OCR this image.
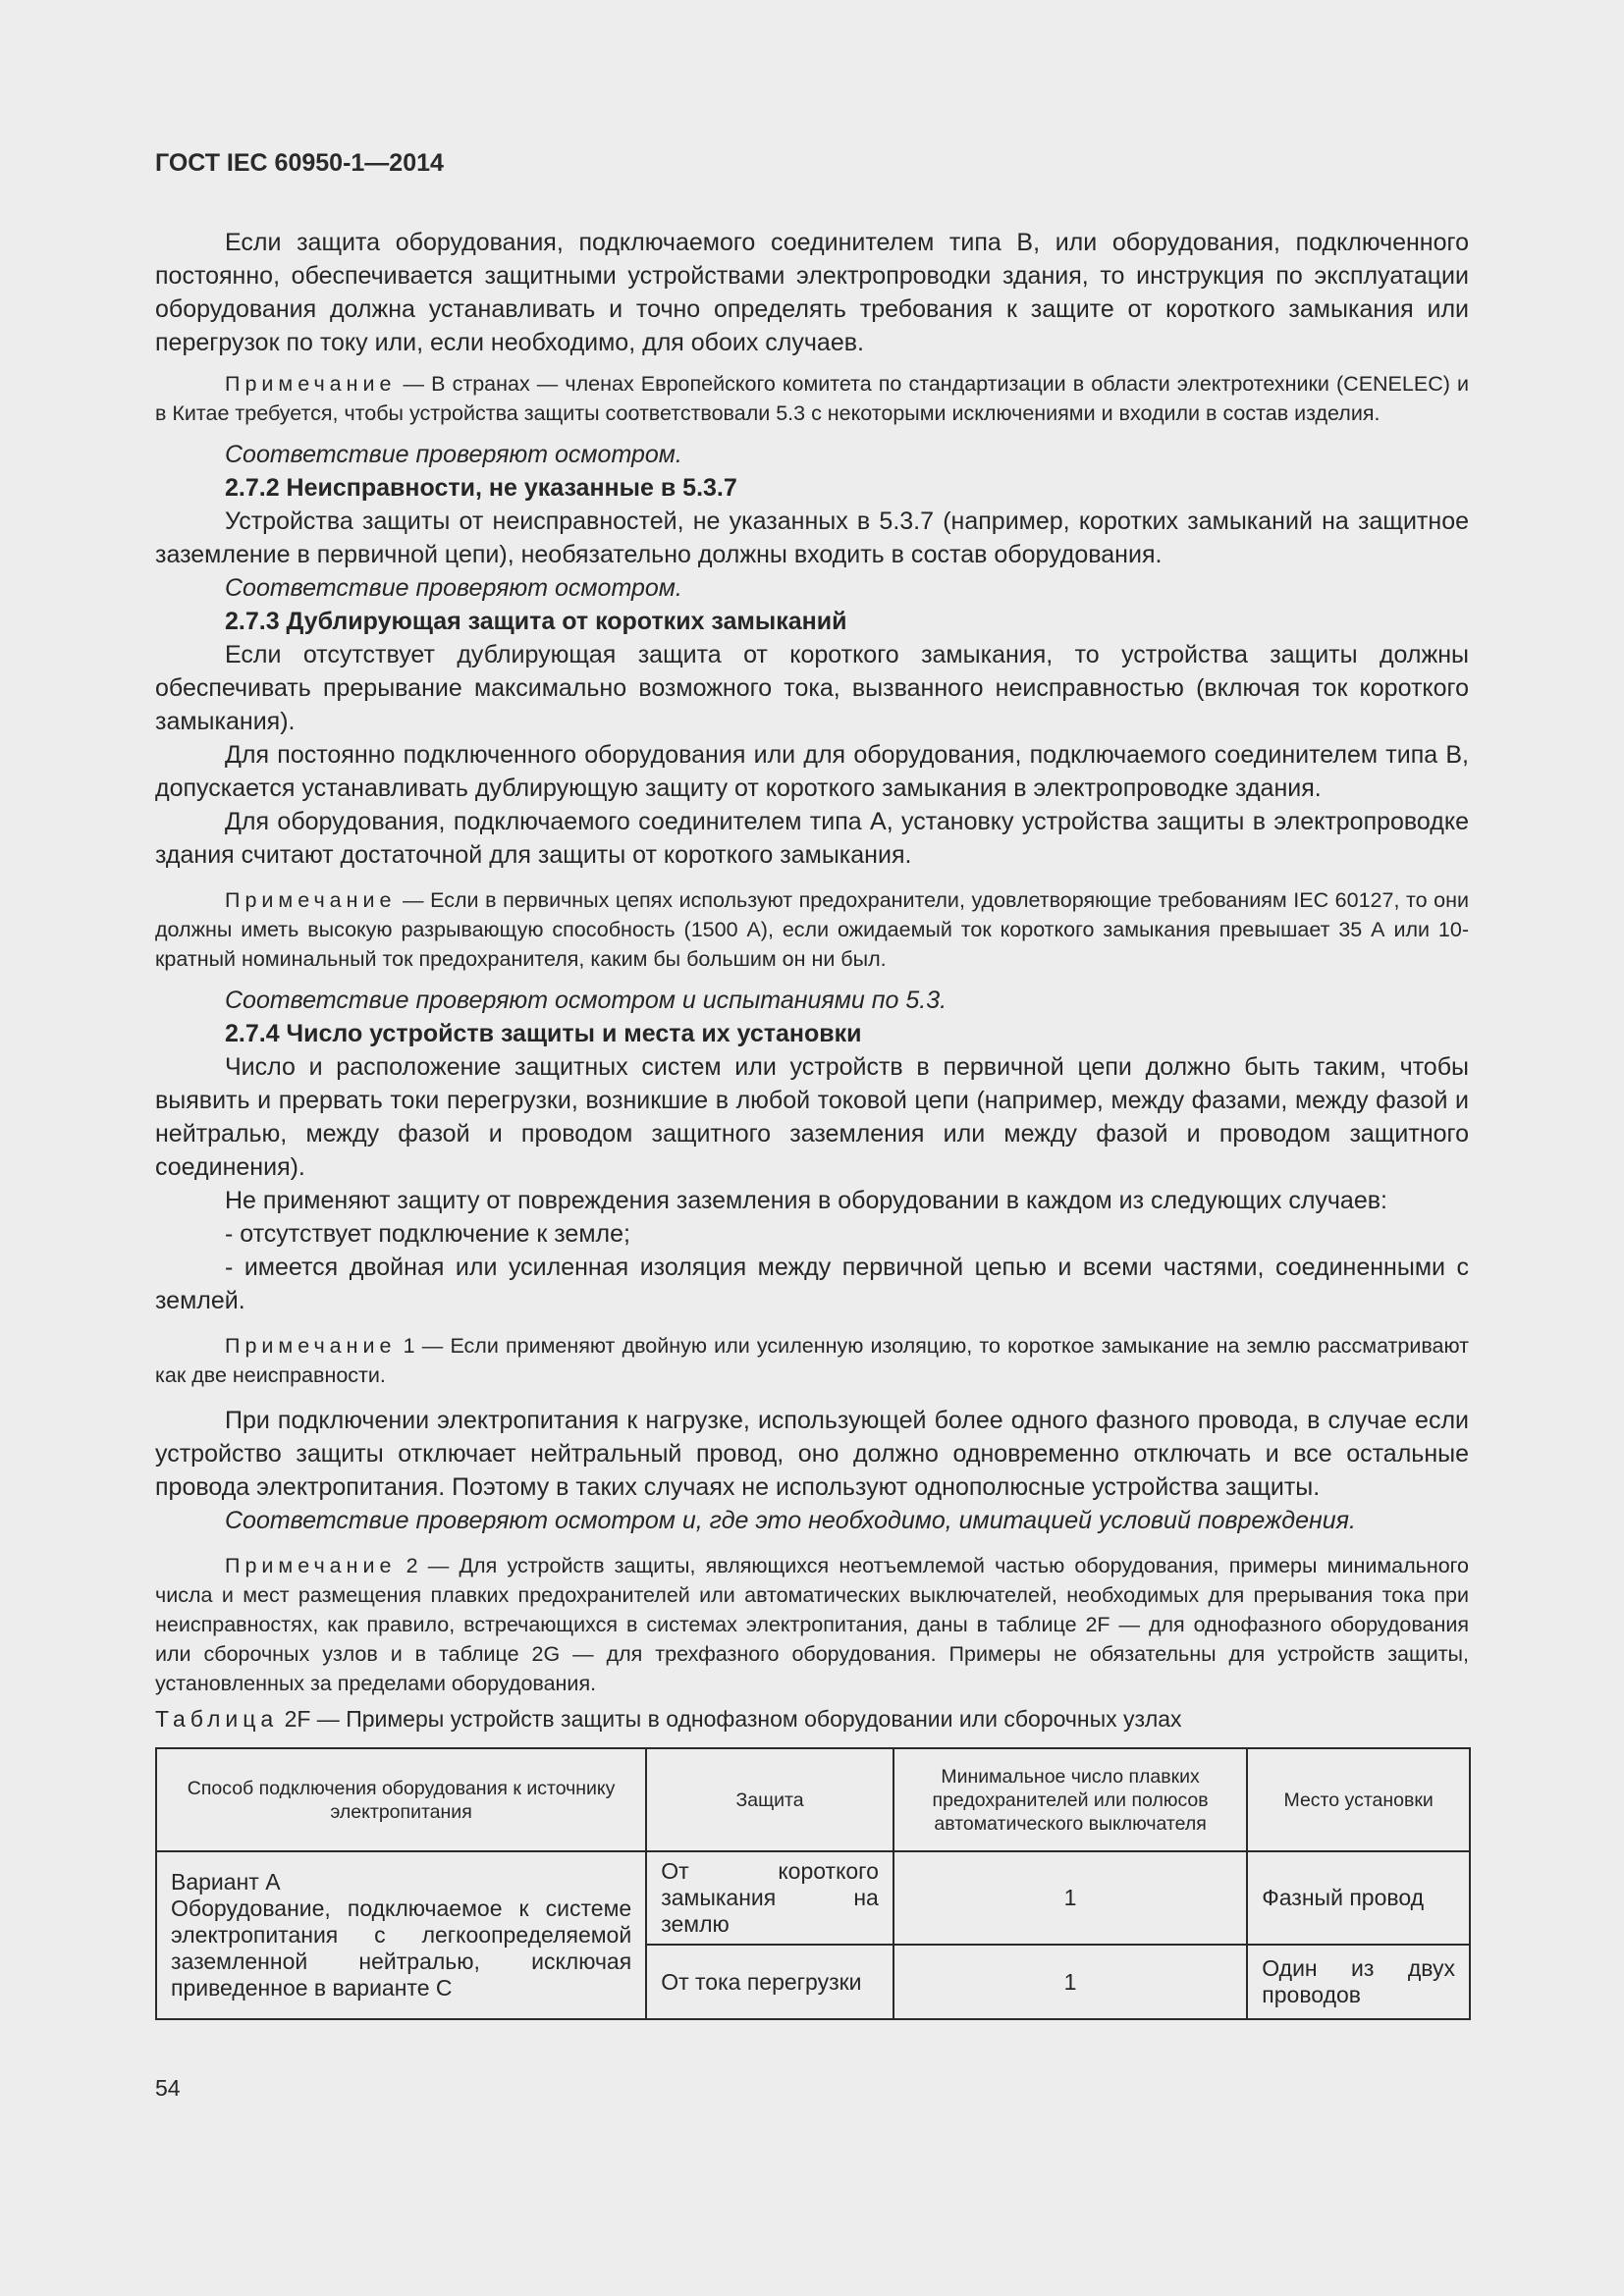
ГОСТ IEC 60950-1—2014

Если защита оборудования, подключаемого соединителем типа B, или оборудования, подключенного постоянно, обеспечивается защитными устройствами электропроводки здания, то инструкция по эксплуатации оборудования должна устанавливать и точно определять требования к защите от короткого замыкания или перегрузок по току или, если необходимо, для обоих случаев.

Примечание — В странах — членах Европейского комитета по стандартизации в области электротехники (CENELEC) и в Китае требуется, чтобы устройства защиты соответствовали 5.3 с некоторыми исключениями и входили в состав изделия.

Соответствие проверяют осмотром.

2.7.2 Неисправности, не указанные в 5.3.7

Устройства защиты от неисправностей, не указанных в 5.3.7 (например, коротких замыканий на защитное заземление в первичной цепи), необязательно должны входить в состав оборудования.

Соответствие проверяют осмотром.

2.7.3 Дублирующая защита от коротких замыканий

Если отсутствует дублирующая защита от короткого замыкания, то устройства защиты должны обеспечивать прерывание максимально возможного тока, вызванного неисправностью (включая ток короткого замыкания).

Для постоянно подключенного оборудования или для оборудования, подключаемого соединителем типа B, допускается устанавливать дублирующую защиту от короткого замыкания в электропроводке здания.

Для оборудования, подключаемого соединителем типа A, установку устройства защиты в электропроводке здания считают достаточной для защиты от короткого замыкания.

Примечание — Если в первичных цепях используют предохранители, удовлетворяющие требованиям IEC 60127, то они должны иметь высокую разрывающую способность (1500 А), если ожидаемый ток короткого замыкания превышает 35 А или 10-кратный номинальный ток предохранителя, каким бы большим он ни был.

Соответствие проверяют осмотром и испытаниями по 5.3.

2.7.4 Число устройств защиты и места их установки

Число и расположение защитных систем или устройств в первичной цепи должно быть таким, чтобы выявить и прервать токи перегрузки, возникшие в любой токовой цепи (например, между фазами, между фазой и нейтралью, между фазой и проводом защитного заземления или между фазой и проводом защитного соединения).

Не применяют защиту от повреждения заземления в оборудовании в каждом из следующих случаев:

- отсутствует подключение к земле;

- имеется двойная или усиленная изоляция между первичной цепью и всеми частями, соединенными с землей.

Примечание 1 — Если применяют двойную или усиленную изоляцию, то короткое замыкание на землю рассматривают как две неисправности.

При подключении электропитания к нагрузке, использующей более одного фазного провода, в случае если устройство защиты отключает нейтральный провод, оно должно одновременно отключать и все остальные провода электропитания. Поэтому в таких случаях не используют однополюсные устройства защиты.

Соответствие проверяют осмотром и, где это необходимо, имитацией условий повреждения.

Примечание 2 — Для устройств защиты, являющихся неотъемлемой частью оборудования, примеры минимального числа и мест размещения плавких предохранителей или автоматических выключателей, необходимых для прерывания тока при неисправностях, как правило, встречающихся в системах электропитания, даны в таблице 2F — для однофазного оборудования или сборочных узлов и в таблице 2G — для трехфазного оборудования. Примеры не обязательны для устройств защиты, установленных за пределами оборудования.

Таблица 2F — Примеры устройств защиты в однофазном оборудовании или сборочных узлах

Способ подключения оборудования к источнику электропитания	Защита	Минимальное число плавких предохранителей или полюсов автоматического выключателя	Место установки

Вариант А
Оборудование, подключаемое к системе электропитания с легкоопределяемой заземленной нейтралью, исключая приведенное в варианте С	От короткого замыкания на землю	1	Фазный провод
	От тока перегрузки	1	Один из двух проводов
54
